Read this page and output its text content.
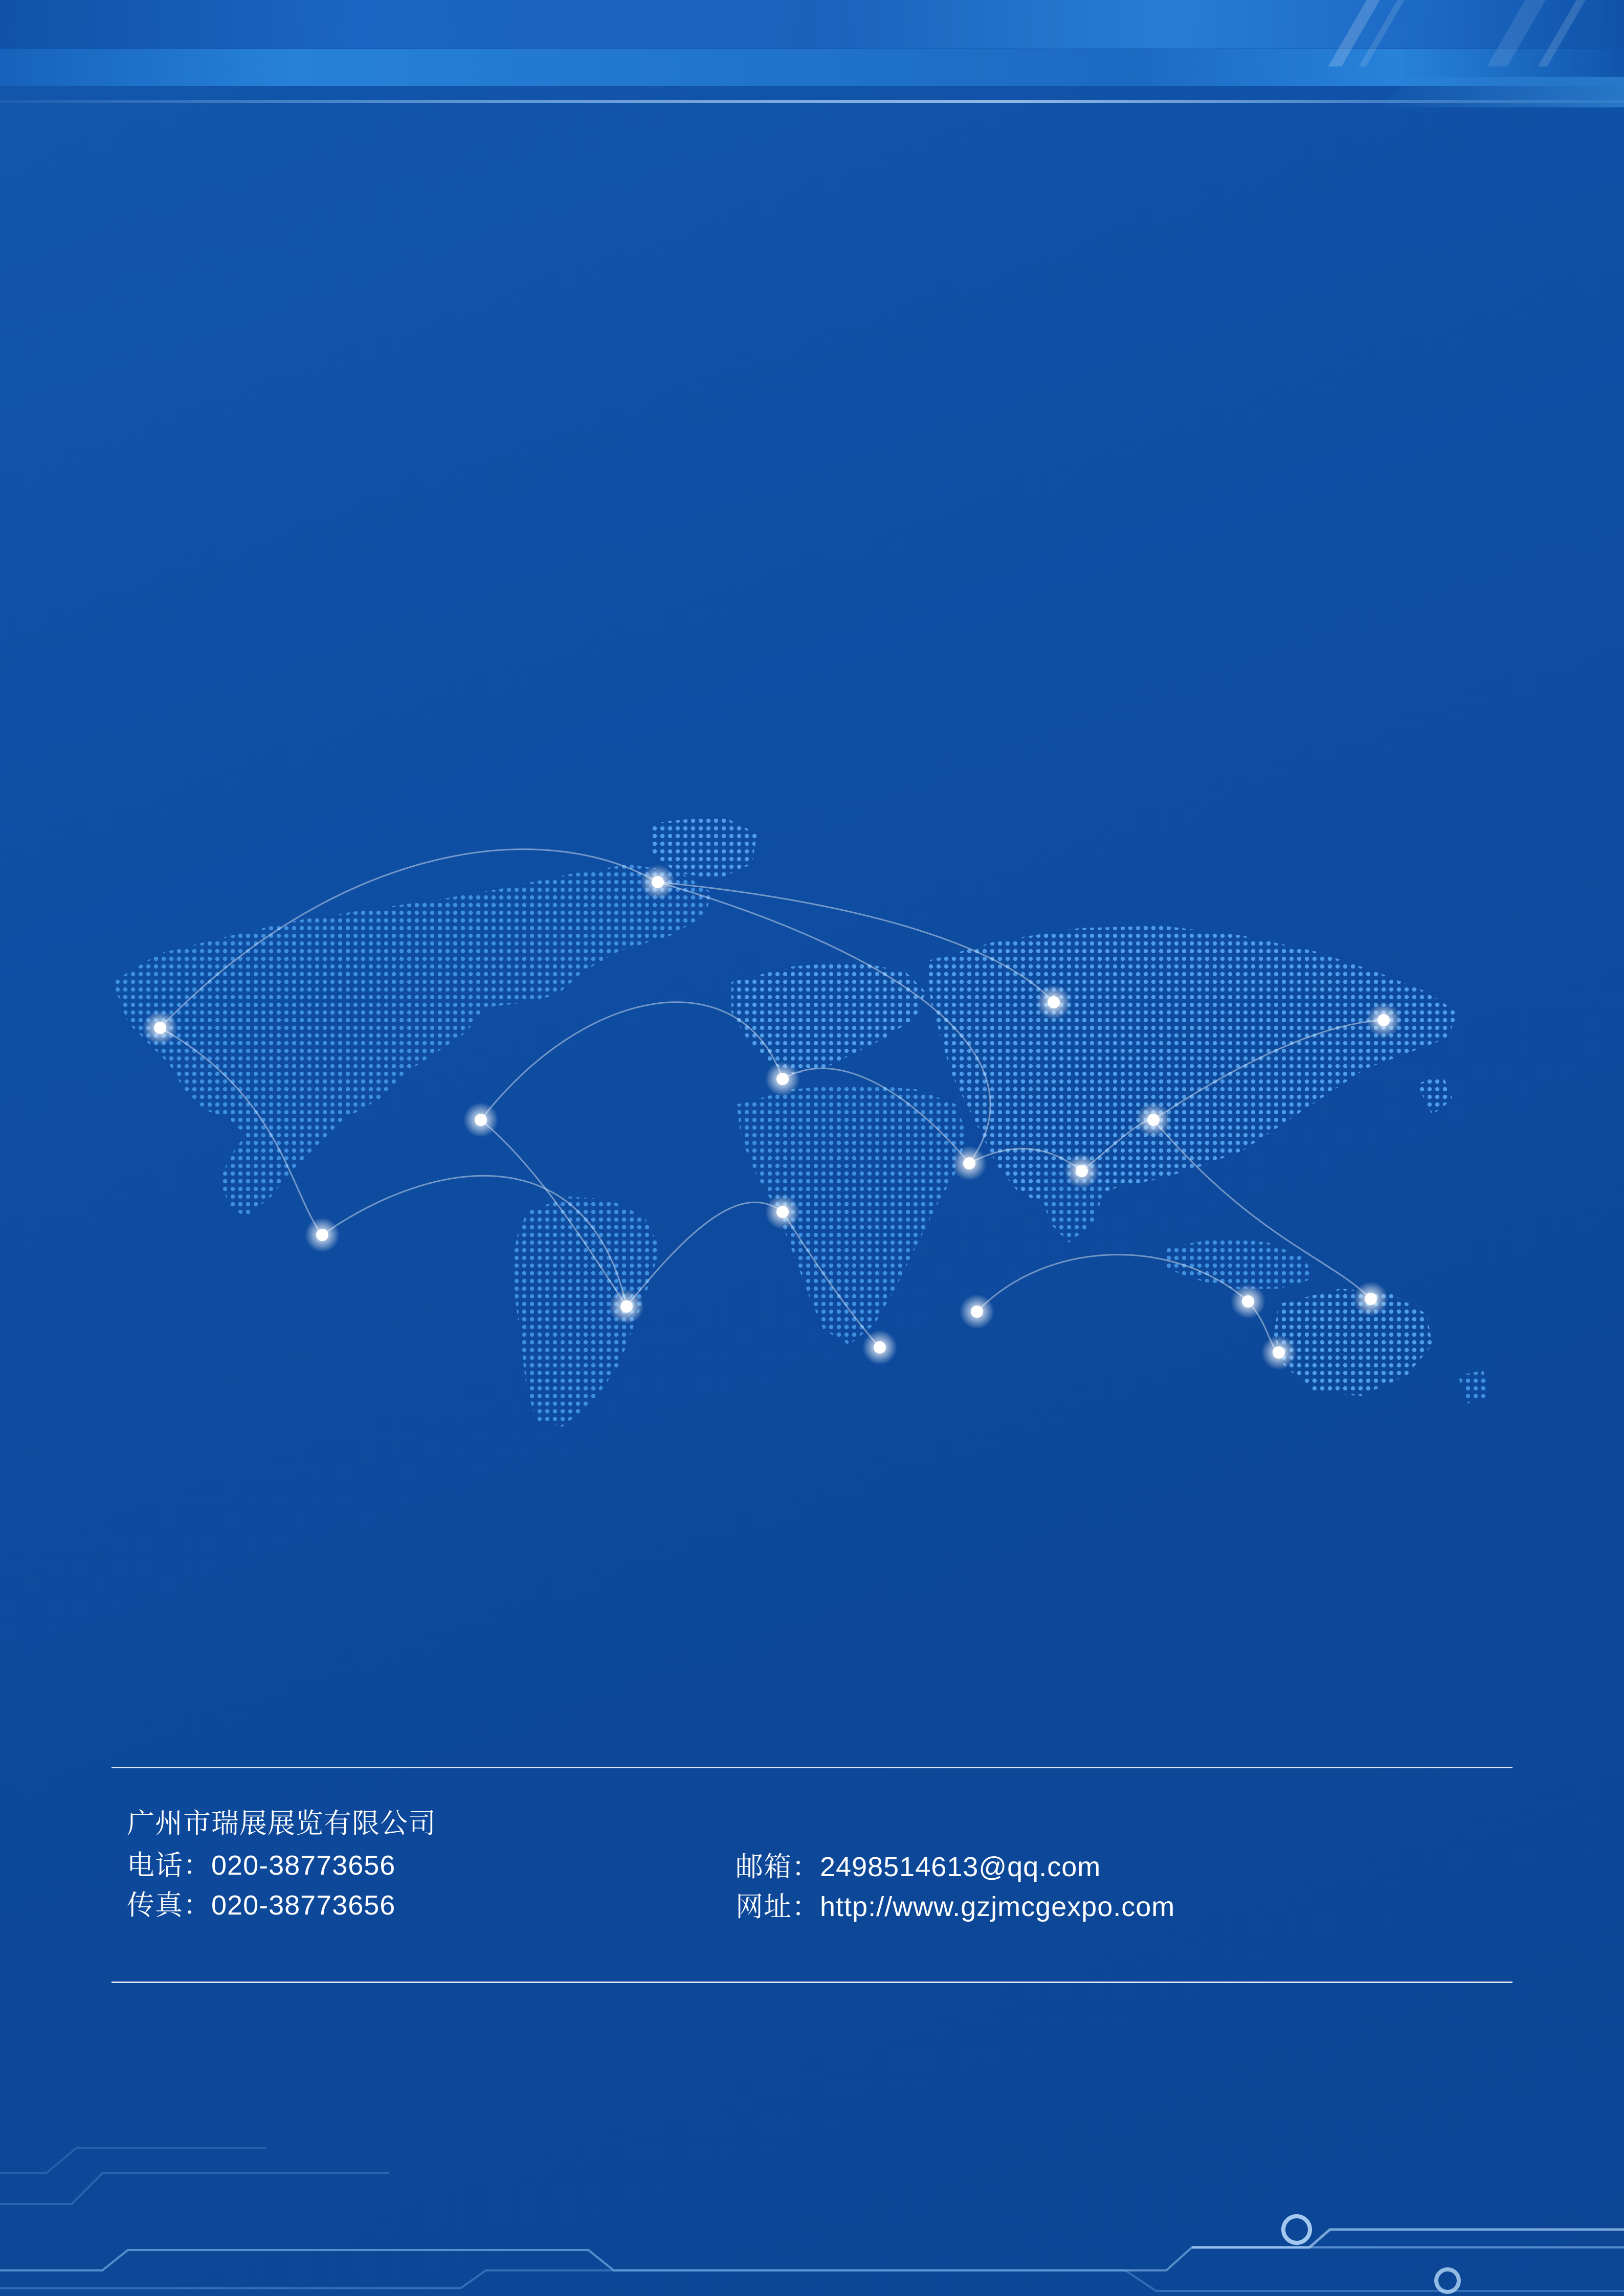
广州市瑞展展览有限公司
电话：020-38773656
传真：020-38773656
邮箱：2498514613@qq.com
网址：http://www.gzjmcgexpo.com
